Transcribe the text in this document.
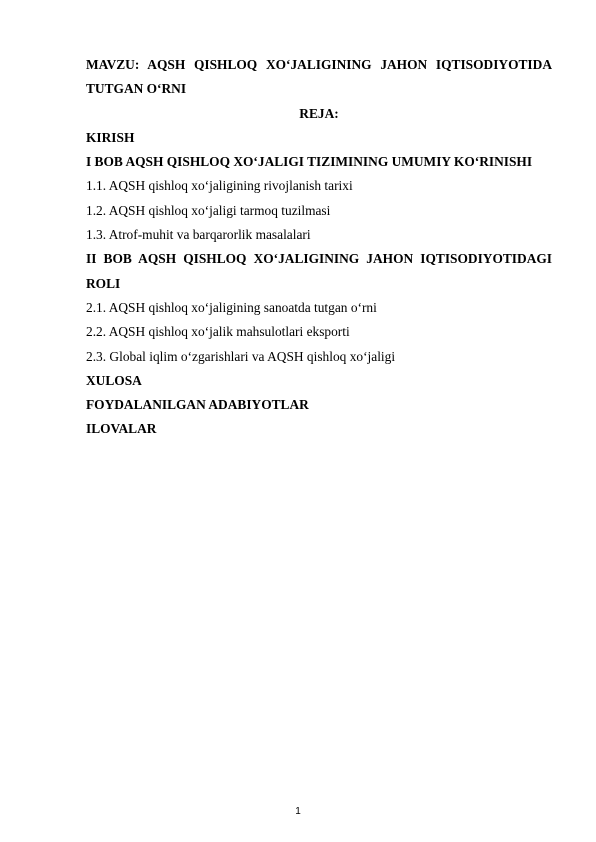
MAVZU: AQSH QISHLOQ XO‘JALIGINING JAHON IQTISODIYOTIDA TUTGAN O‘RNI

REJA:

KIRISH

I BOB AQSH QISHLOQ XO‘JALIGI TIZIMINING UMUMIY KO‘RINISHI

1.1. AQSH qishloq xo‘jaligining rivojlanish tarixi

1.2. AQSH qishloq xo‘jaligi tarmoq tuzilmasi

1.3. Atrof-muhit va barqarorlik masalalari

II BOB AQSH QISHLOQ XO‘JALIGINING JAHON IQTISODIYOTIDAGI ROLI

2.1. AQSH qishloq xo‘jaligining sanoatda tutgan o‘rni

2.2. AQSH qishloq xo‘jalik mahsulotlari eksporti

2.3. Global iqlim o‘zgarishlari va AQSH qishloq xo‘jaligi

XULOSA

FOYDALANILGAN ADABIYOTLAR

ILOVALAR

1
